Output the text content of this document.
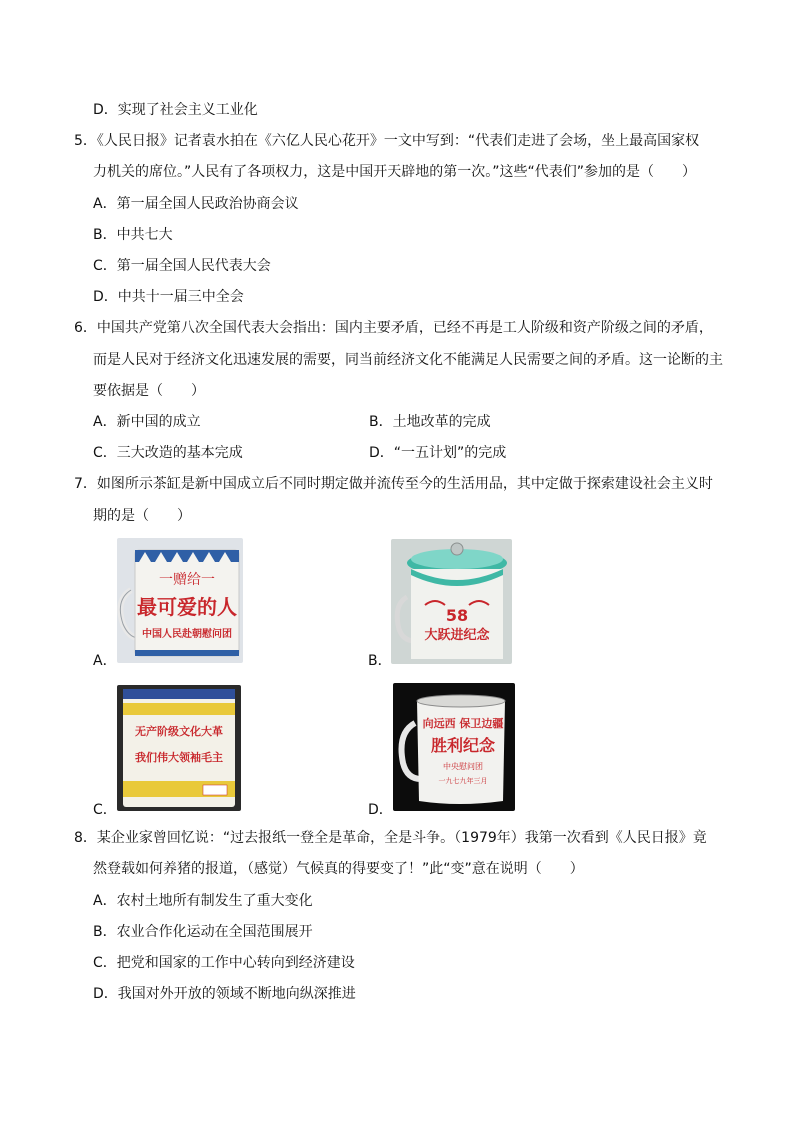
D．实现了社会主义工业化
5．《人民日报》记者袁水拍在《六亿人民心花开》一文中写到：“代表们走进了会场，坐上最高国家权
力机关的席位。”人民有了各项权力，这是中国开天辟地的第一次。”这些“代表们”参加的是（　　）
A．第一届全国人民政治协商会议
B．中共七大
C．第一届全国人民代表大会
D．中共十一届三中全会
6．中国共产党第八次全国代表大会指出：国内主要矛盾，已经不再是工人阶级和资产阶级之间的矛盾，
而是人民对于经济文化迅速发展的需要，同当前经济文化不能满足人民需要之间的矛盾。这一论断的主
要依据是（　　）
A．新中国的成立	B．土地改革的完成
C．三大改造的基本完成	D．“一五计划”的完成
7．如图所示茶缸是新中国成立后不同时期定做并流传至今的生活用品，其中定做于探索建设社会主义时
期的是（　　）
一赠给一
最可爱的人
中国人民赴朝慰问团
A．
58
大跃进纪念
B．
无产阶级文化大革
我们伟大领袖毛主
C．
向远西 保卫边疆
胜利纪念
中央慰问团
一九七九年三月
D．
8．某企业家曾回忆说：“过去报纸一登全是革命，全是斗争。（1979年）我第一次看到《人民日报》竟
然登载如何养猪的报道，（感觉）气候真的得要变了！”此“变”意在说明（　　）
A．农村土地所有制发生了重大变化
B．农业合作化运动在全国范围展开
C．把党和国家的工作中心转向到经济建设
D．我国对外开放的领域不断地向纵深推进
